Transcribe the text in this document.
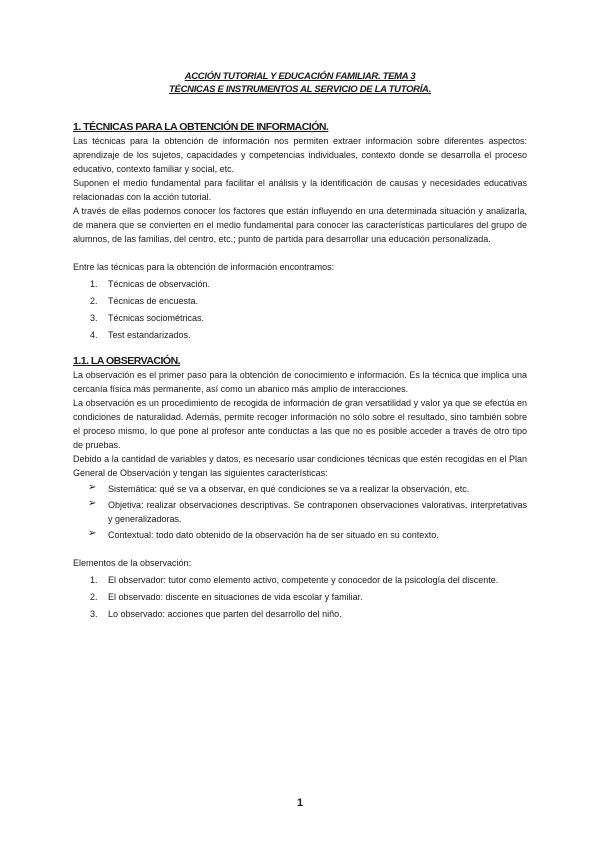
ACCIÓN TUTORIAL Y EDUCACIÓN FAMILIAR. TEMA 3
TÉCNICAS E INSTRUMENTOS AL SERVICIO DE LA TUTORÍA.
1. TÉCNICAS PARA LA OBTENCIÓN DE INFORMACIÓN.

Las técnicas para la obtención de información nos permiten extraer información sobre diferentes aspectos: aprendizaje de los sujetos, capacidades y competencias individuales, contexto donde se desarrolla el proceso educativo, contexto familiar y social, etc.

Suponen el medio fundamental para facilitar el análisis y la identificación de causas y necesidades educativas relacionadas con la acción tutorial.

A través de ellas podemos conocer los factores que están influyendo en una determinada situación y analizarla, de manera que se convierten en el medio fundamental para conocer las características particulares del grupo de alumnos, de las familias, del centro, etc.; punto de partida para desarrollar una educación personalizada.

Entre las técnicas para la obtención de información encontramos:

1. Técnicas de observación.
2. Técnicas de encuesta.
3. Técnicas sociométricas.
4. Test estandarizados.
1.1. LA OBSERVACIÓN.

La observación es el primer paso para la obtención de conocimiento e información. Es la técnica que implica una cercanía física más permanente, así como un abanico más amplio de interacciones.

La observación es un procedimiento de recogida de información de gran versatilidad y valor ya que se efectúa en condiciones de naturalidad. Además, permite recoger información no sólo sobre el resultado, sino también sobre el proceso mismo, lo que pone al profesor ante conductas a las que no es posible acceder a través de otro tipo de pruebas.

Debido a la cantidad de variables y datos, es necesario usar condiciones técnicas que estén recogidas en el Plan General de Observación y tengan las siguientes características:

➢ Sistemática: qué se va a observar, en qué condiciones se va a realizar la observación, etc.
➢ Objetiva: realizar observaciones descriptivas. Se contraponen observaciones valorativas, interpretativas y generalizadoras.
➢ Contextual: todo dato obtenido de la observación ha de ser situado en su contexto.

Elementos de la observación:

1. El observador: tutor como elemento activo, competente y conocedor de la psicología del discente.
2. El observado: discente en situaciones de vida escolar y familiar.
3. Lo observado: acciones que parten del desarrollo del niño.
1
